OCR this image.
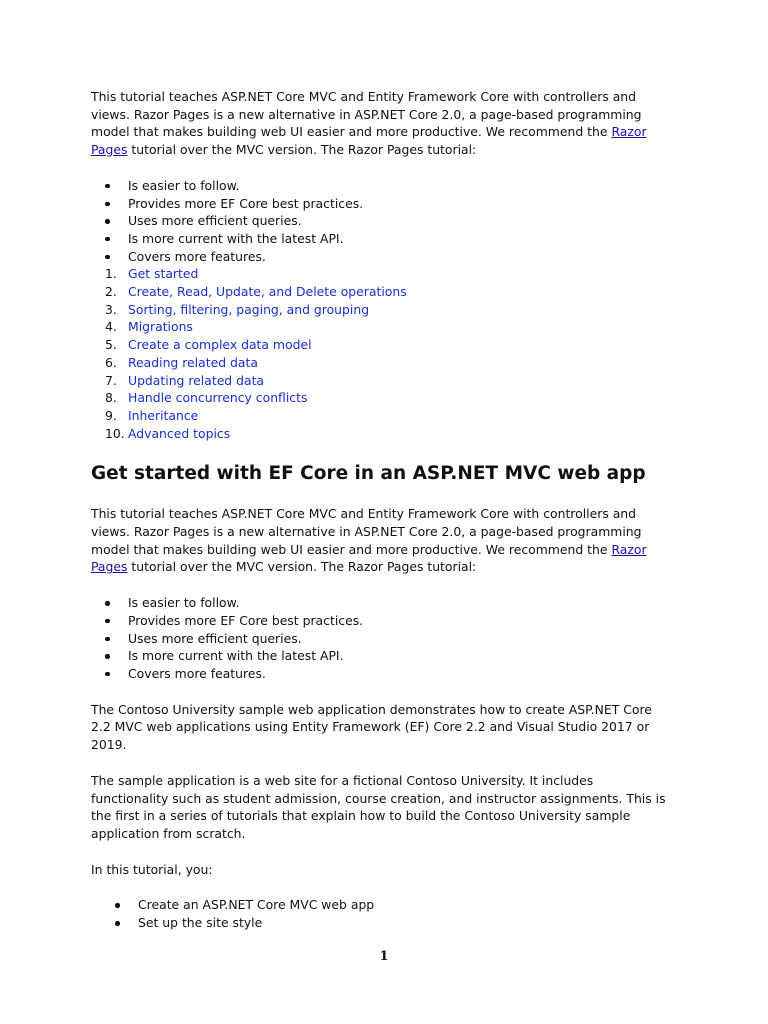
This tutorial teaches ASP.NET Core MVC and Entity Framework Core with controllers and views. Razor Pages is a new alternative in ASP.NET Core 2.0, a page-based programming model that makes building web UI easier and more productive. We recommend the Razor Pages tutorial over the MVC version. The Razor Pages tutorial:

Is easier to follow.
Provides more EF Core best practices.
Uses more efficient queries.
Is more current with the latest API.
Covers more features.
1. Get started
2. Create, Read, Update, and Delete operations
3. Sorting, filtering, paging, and grouping
4. Migrations
5. Create a complex data model
6. Reading related data
7. Updating related data
8. Handle concurrency conflicts
9. Inheritance
10. Advanced topics
Get started with EF Core in an ASP.NET MVC web app

This tutorial teaches ASP.NET Core MVC and Entity Framework Core with controllers and views. Razor Pages is a new alternative in ASP.NET Core 2.0, a page-based programming model that makes building web UI easier and more productive. We recommend the Razor Pages tutorial over the MVC version. The Razor Pages tutorial:

Is easier to follow.
Provides more EF Core best practices.
Uses more efficient queries.
Is more current with the latest API.
Covers more features.

The Contoso University sample web application demonstrates how to create ASP.NET Core 2.2 MVC web applications using Entity Framework (EF) Core 2.2 and Visual Studio 2017 or 2019.

The sample application is a web site for a fictional Contoso University. It includes functionality such as student admission, course creation, and instructor assignments. This is the first in a series of tutorials that explain how to build the Contoso University sample application from scratch.

In this tutorial, you:

Create an ASP.NET Core MVC web app
Set up the site style
1
